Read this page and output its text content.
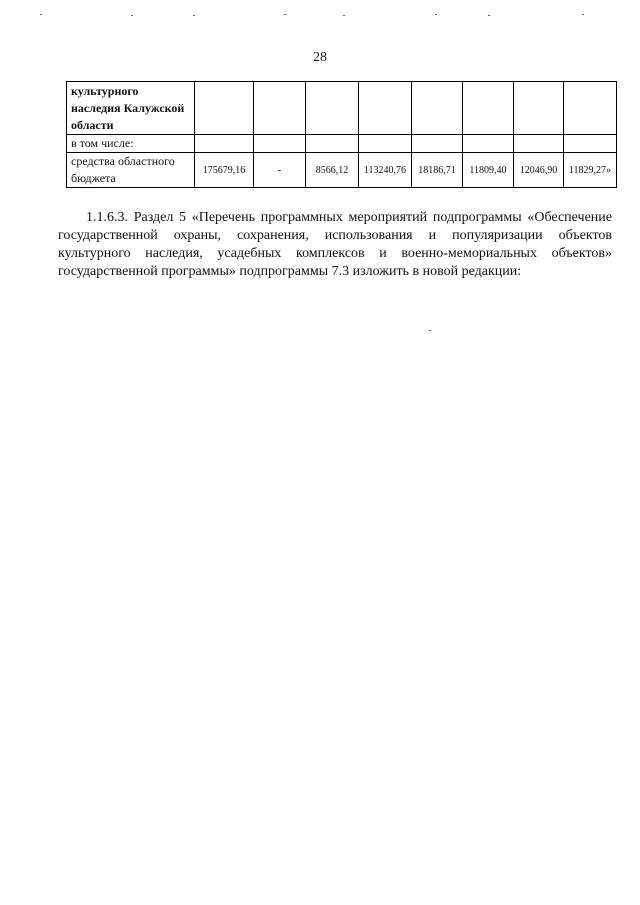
28
культурного наследия Калужской области								
в том числе:								
средства областного бюджета	175679,16	-	8566,12	113240,76	18186,71	11809,40	12046,90	11829,27»

1.1.6.3. Раздел 5 «Перечень программных мероприятий подпрограммы «Обеспечение государственной охраны, сохранения, использования и популяризации объектов культурного наследия, усадебных комплексов и военно-мемориальных объектов» государственной программы» подпрограммы 7.3 изложить в новой редакции:
